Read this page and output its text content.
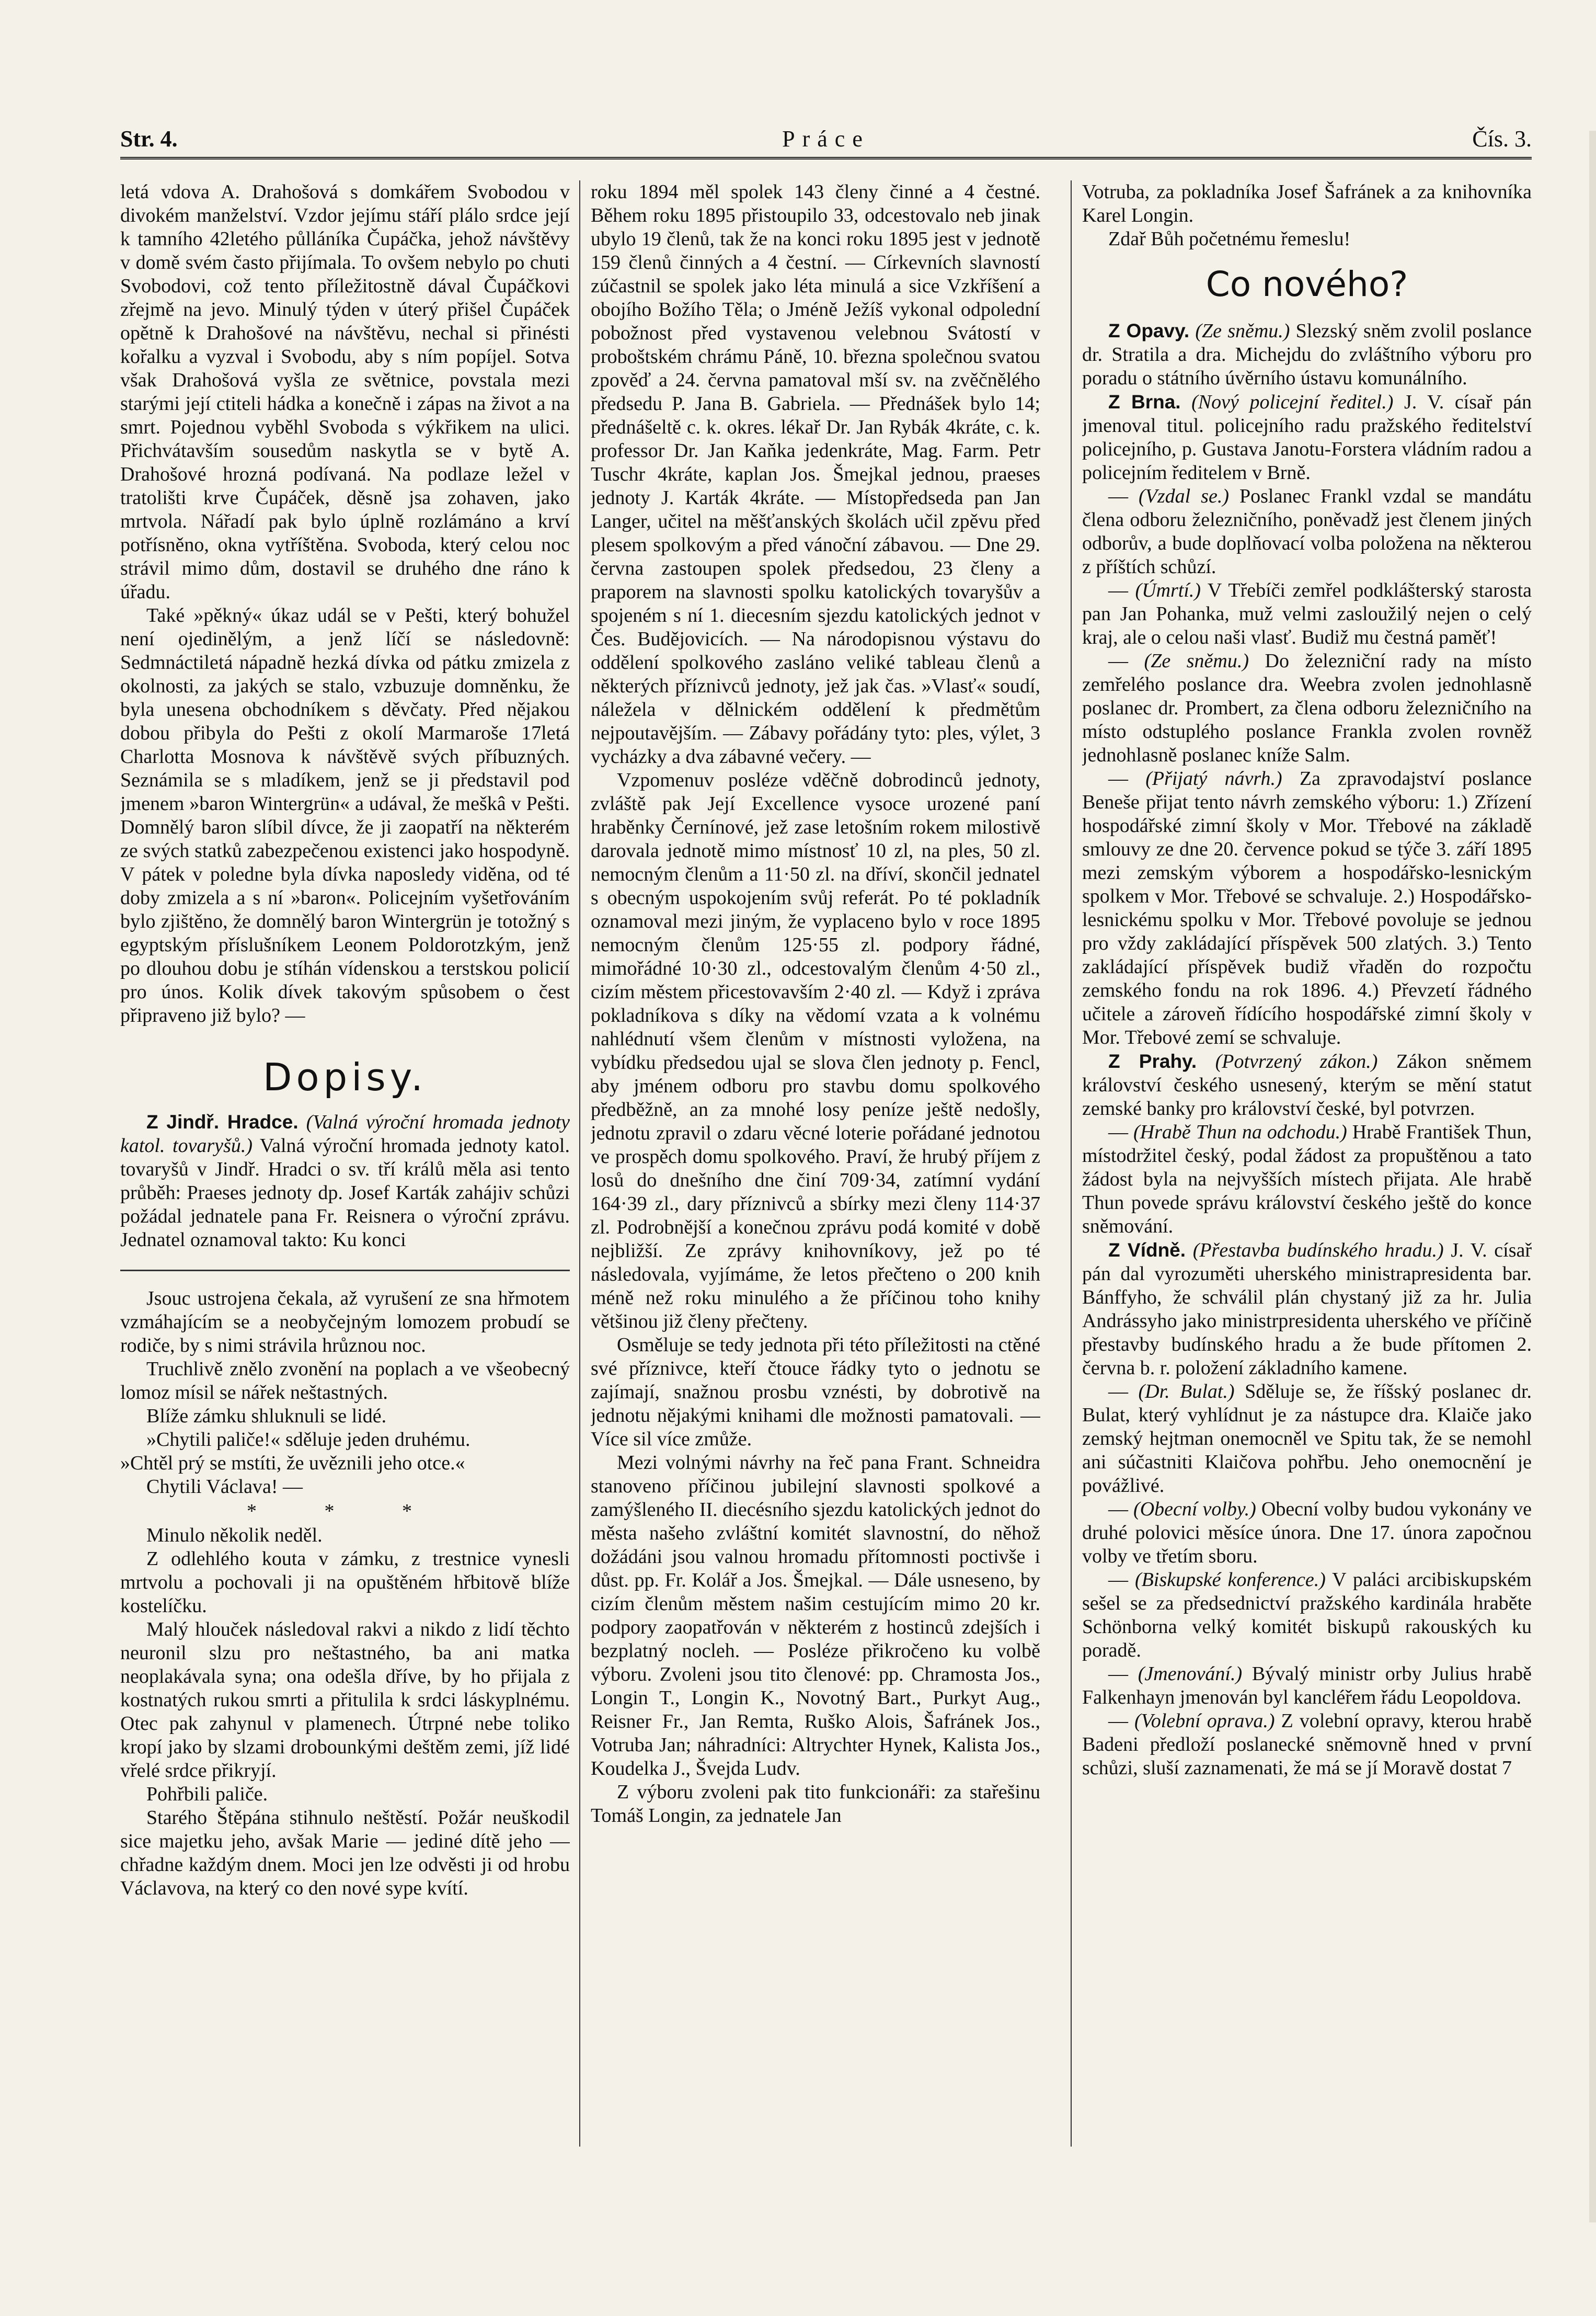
Str. 4.	Práce	Čís. 3.

letá vdova A. Drahošová s domkářem Svobodou v divokém manželství. Vzdor jejímu stáří plálo srdce její k tamního 42letého půlláníka Čupáčka, jehož návštěvy v domě svém často přijímala. To ovšem nebylo po chuti Svobodovi, což tento příležitostně dával Čupáčkovi zřejmě na jevo. Minulý týden v úterý přišel Čupáček opětně k Drahošové na návštěvu, nechal si přinésti kořalku a vyzval i Svobodu, aby s ním popíjel. Sotva však Drahošová vyšla ze světnice, povstala mezi starými její ctiteli hádka a konečně i zápas na život a na smrt. Pojednou vyběhl Svoboda s výkřikem na ulici. Přichvátavším sousedům naskytla se v bytě A. Drahošové hrozná podívaná. Na podlaze ležel v tratolišti krve Čupáček, děsně jsa zohaven, jako mrtvola. Nářadí pak bylo úplně rozlámáno a krví potřísněno, okna vytříštěna. Svoboda, který celou noc strávil mimo dům, dostavil se druhého dne ráno k úřadu.

Také »pěkný« úkaz udál se v Pešti, který bohužel není ojedinělým, a jenž líčí se následovně: Sedmnáctiletá nápadně hezká dívka od pátku zmizela z okolnosti, za jakých se stalo, vzbuzuje domněnku, že byla unesena obchodníkem s děvčaty. Před nějakou dobou přibyla do Pešti z okolí Marmaroše 17letá Charlotta Mosnova k návštěvě svých příbuzných. Seznámila se s mladíkem, jenž se ji představil pod jmenem »baron Wintergrün« a udával, že meškâ v Pešti. Domnělý baron slíbil dívce, že ji zaopatří na některém ze svých statků zabezpečenou existenci jako hospodyně. V pátek v poledne byla dívka naposledy viděna, od té doby zmizela a s ní »baron«. Policejním vyšetřováním bylo zjištěno, že domnělý baron Wintergrün je totožný s egyptským příslušníkem Leonem Poldorotzkým, jenž po dlouhou dobu je stíhán vídenskou a terstskou policií pro únos. Kolik dívek takovým spůsobem o čest připraveno již bylo? —

Dopisy.

Z Jindř. Hradce. (Valná výroční hromada jednoty katol. tovaryšů.) Valná výroční hromada jednoty katol. tovaryšů v Jindř. Hradci o sv. tří králů měla asi tento průběh: Praeses jednoty dp. Josef Karták zahájiv schůzi požádal jednatele pana Fr. Reisnera o výroční zprávu. Jednatel oznamoval takto: Ku konci

Jsouc ustrojena čekala, až vyrušení ze sna hřmotem vzmáhajícím se a neobyčejným lomozem probudí se rodiče, by s nimi strávila hrůznou noc.

Truchlivě znělo zvonění na poplach a ve všeobecný lomoz mísil se nářek neštastných.

Blíže zámku shluknuli se lidé.

»Chytili paliče!« sděluje jeden druhému.

»Chtěl prý se mstíti, že uvěznili jeho otce.«

Chytili Václava! —

* * *

Minulo několik neděl.

Z odlehlého kouta v zámku, z trestnice vynesli mrtvolu a pochovali ji na opuštěném hřbitově blíže kostelíčku.

Malý hlouček následoval rakvi a nikdo z lidí těchto neuronil slzu pro neštastného, ba ani matka neoplakávala syna; ona odešla dříve, by ho přijala z kostnatých rukou smrti a přitulila k srdci láskyplnému. Otec pak zahynul v plamenech. Útrpné nebe toliko kropí jako by slzami drobounkými deštěm zemi, jíž lidé vřelé srdce přikryjí.

Pohřbili paliče.

Starého Štěpána stihnulo neštěstí. Požár neuškodil sice majetku jeho, avšak Marie — jediné dítě jeho — chřadne každým dnem. Moci jen lze odvěsti ji od hrobu Václavova, na který co den nové sype kvítí.

roku 1894 měl spolek 143 členy činné a 4 čestné. Během roku 1895 přistoupilo 33, odcestovalo neb jinak ubylo 19 členů, tak že na konci roku 1895 jest v jednotě 159 členů činných a 4 čestní. — Církevních slavností zúčastnil se spolek jako léta minulá a sice Vzkříšení a obojího Božího Těla; o Jméně Ježíš vykonal odpolední pobožnost před vystavenou velebnou Svátostí v proboštském chrámu Páně, 10. března společnou svatou zpověď a 24. června pamatoval mší sv. na zvěčnělého předsedu P. Jana B. Gabriela. — Přednášek bylo 14; přednášeltě c. k. okres. lékař Dr. Jan Rybák 4kráte, c. k. professor Dr. Jan Kaňka jedenkráte, Mag. Farm. Petr Tuschr 4kráte, kaplan Jos. Šmejkal jednou, praeses jednoty J. Karták 4kráte. — Místopředseda pan Jan Langer, učitel na měšťanských školách učil zpěvu před plesem spolkovým a před vánoční zábavou. — Dne 29. června zastoupen spolek předsedou, 23 členy a praporem na slavnosti spolku katolických tovaryšův a spojeném s ní 1. diecesním sjezdu katolických jednot v Čes. Budějovicích. — Na národopisnou výstavu do oddělení spolkového zasláno veliké tableau členů a některých příznivců jednoty, jež jak čas. »Vlasť« soudí, náležela v dělnickém oddělení k předmětům nejpoutavějším. — Zábavy pořádány tyto: ples, výlet, 3 vycházky a dva zábavné večery. —

Vzpomenuv posléze vděčně dobrodinců jednoty, zvláště pak Její Excellence vysoce urozené paní hraběnky Černínové, jež zase letošním rokem milostivě darovala jednotě mimo místnosť 10 zl, na ples, 50 zl. nemocným členům a 11·50 zl. na dříví, skončil jednatel s obecným uspokojením svůj referát. Po té pokladník oznamoval mezi jiným, že vyplaceno bylo v roce 1895 nemocným členům 125·55 zl. podpory řádné, mimořádné 10·30 zl., odcestovalým členům 4·50 zl., cizím městem přicestovavším 2·40 zl. — Když i zpráva pokladníkova s díky na vědomí vzata a k volnému nahlédnutí všem členům v místnosti vyložena, na vybídku předsedou ujal se slova člen jednoty p. Fencl, aby jménem odboru pro stavbu domu spolkového předběžně, an za mnohé losy peníze ještě nedošly, jednotu zpravil o zdaru věcné loterie pořádané jednotou ve prospěch domu spolkového. Praví, že hrubý příjem z losů do dnešního dne činí 709·34, zatímní vydání 164·39 zl., dary příznivců a sbírky mezi členy 114·37 zl. Podrobnější a konečnou zprávu podá komité v době nejbližší. Ze zprávy knihovníkovy, jež po té následovala, vyjímáme, že letos přečteno o 200 knih méně než roku minulého a že příčinou toho knihy většinou již členy přečteny.

Osměluje se tedy jednota při této příležitosti na ctěné své příznivce, kteří čtouce řádky tyto o jednotu se zajímají, snažnou prosbu vznésti, by dobrotivě na jednotu nějakými knihami dle možnosti pamatovali. — Více sil více zmůže.

Mezi volnými návrhy na řeč pana Frant. Schneidra stanoveno příčinou jubilejní slavnosti spolkové a zamýšleného II. diecésního sjezdu katolických jednot do města našeho zvláštní komitét slavnostní, do něhož dožádáni jsou valnou hromadu přítomnosti poctivše i důst. pp. Fr. Kolář a Jos. Šmejkal. — Dále usneseno, by cizím členům městem našim cestujícím mimo 20 kr. podpory zaopatřován v některém z hostinců zdejších i bezplatný nocleh. — Posléze přikročeno ku volbě výboru. Zvoleni jsou tito členové: pp. Chramosta Jos., Longin T., Longin K., Novotný Bart., Purkyt Aug., Reisner Fr., Jan Remta, Ruško Alois, Šafránek Jos., Votruba Jan; náhradníci: Altrychter Hynek, Kalista Jos., Koudelka J., Švejda Ludv.

Z výboru zvoleni pak tito funkcionáři: za stařešinu Tomáš Longin, za jednatele Jan

Votruba, za pokladníka Josef Šafránek a za knihovníka Karel Longin.

Zdař Bůh početnému řemeslu!

Co nového?

Z Opavy. (Ze sněmu.) Slezský sněm zvolil poslance dr. Stratila a dra. Michejdu do zvláštního výboru pro poradu o státního úvěrního ústavu komunálního.

Z Brna. (Nový policejní ředitel.) J. V. císař pán jmenoval titul. policejního radu pražského ředitelství policejního, p. Gustava Janotu-Forstera vládním radou a policejním ředitelem v Brně.

— (Vzdal se.) Poslanec Frankl vzdal se mandátu člena odboru železničního, poněvadž jest členem jiných odborův, a bude doplňovací volba položena na některou z příštích schůzí.

— (Úmrtí.) V Třebíči zemřel podklášterský starosta pan Jan Pohanka, muž velmi zasloužilý nejen o celý kraj, ale o celou naši vlasť. Budiž mu čestná paměť!

— (Ze sněmu.) Do železniční rady na místo zemřelého poslance dra. Weebra zvolen jednohlasně poslanec dr. Prombert, za člena odboru železničního na místo odstuplého poslance Frankla zvolen rovněž jednohlasně poslanec kníže Salm.

— (Přijatý návrh.) Za zpravodajství poslance Beneše přijat tento návrh zemského výboru: 1.) Zřízení hospodářské zimní školy v Mor. Třebové na základě smlouvy ze dne 20. července pokud se týče 3. září 1895 mezi zemským výborem a hospodářsko-lesnickým spolkem v Mor. Třebové se schvaluje. 2.) Hospodářsko-lesnickému spolku v Mor. Třebové povoluje se jednou pro vždy zakládající příspěvek 500 zlatých. 3.) Tento zakládající příspěvek budiž vřaděn do rozpočtu zemského fondu na rok 1896. 4.) Převzetí řádného učitele a zároveň řídícího hospodářské zimní školy v Mor. Třebové zemí se schvaluje.

Z Prahy. (Potvrzený zákon.) Zákon sněmem království českého usnesený, kterým se mění statut zemské banky pro království české, byl potvrzen.

— (Hrabě Thun na odchodu.) Hrabě František Thun, místodržitel český, podal žádost za propuštěnou a tato žádost byla na nejvyšších místech přijata. Ale hrabě Thun povede správu království českého ještě do konce sněmování.

Z Vídně. (Přestavba budínského hradu.) J. V. císař pán dal vyrozuměti uherského ministrapresidenta bar. Bánffyho, že schválil plán chystaný již za hr. Julia Andrássyho jako ministrpresidenta uherského ve příčině přestavby budínského hradu a že bude přítomen 2. června b. r. položení základního kamene.

— (Dr. Bulat.) Sděluje se, že říšský poslanec dr. Bulat, který vyhlídnut je za nástupce dra. Klaiče jako zemský hejtman onemocněl ve Spitu tak, že se nemohl ani súčastniti Klaičova pohřbu. Jeho onemocnění je povážlivé.

— (Obecní volby.) Obecní volby budou vykonány ve druhé polovici měsíce února. Dne 17. února započnou volby ve třetím sboru.

— (Biskupské konference.) V paláci arcibiskupském sešel se za předsednictví pražského kardinála hraběte Schönborna velký komitét biskupů rakouských ku poradě.

— (Jmenování.) Bývalý ministr orby Julius hrabě Falkenhayn jmenován byl kancléřem řádu Leopoldova.

— (Volební oprava.) Z volební opravy, kterou hrabě Badeni předloží poslanecké sněmovně hned v první schůzi, sluší zaznamenati, že má se jí Moravě dostat 7
